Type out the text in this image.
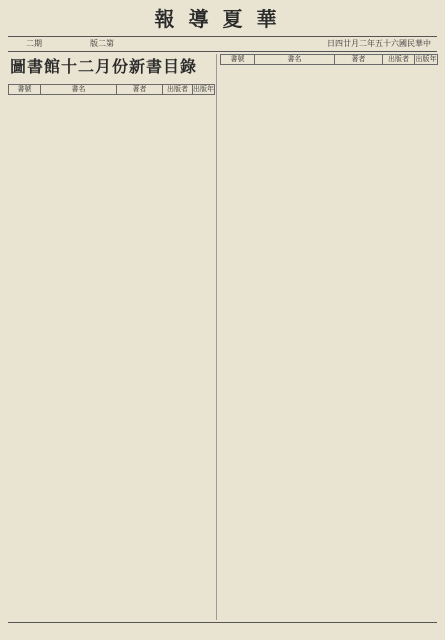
報導夏華
二期	版二第	日四廿月二年五十六國民華中
圖書館十二月份新書目錄
書號	書名	著者	出版者	出版年
書號	書名	著者	出版者	出版年
